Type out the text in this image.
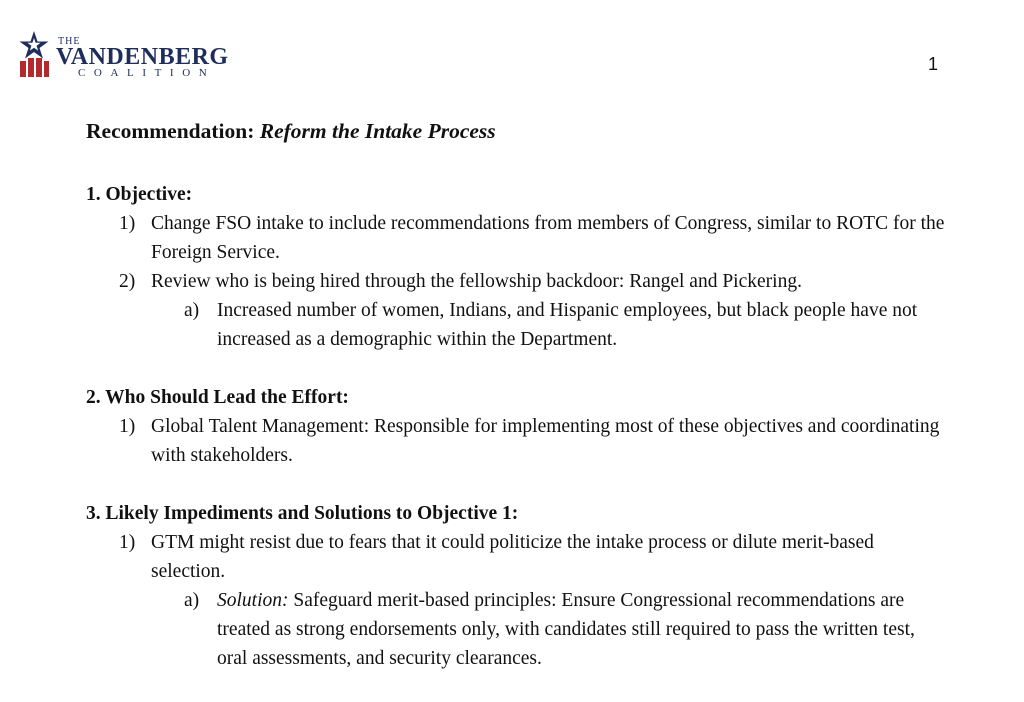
THE
VANDENBERG
COALITION	1
Recommendation: Reform the Intake Process
1. Objective:
1) Change FSO intake to include recommendations from members of Congress, similar to ROTC for the Foreign Service.
2) Review who is being hired through the fellowship backdoor: Rangel and Pickering.
a) Increased number of women, Indians, and Hispanic employees, but black people have not increased as a demographic within the Department.
2. Who Should Lead the Effort:
1) Global Talent Management: Responsible for implementing most of these objectives and coordinating with stakeholders.
3. Likely Impediments and Solutions to Objective 1:
1) GTM might resist due to fears that it could politicize the intake process or dilute merit-based selection.
a) Solution: Safeguard merit-based principles: Ensure Congressional recommendations are treated as strong endorsements only, with candidates still required to pass the written test, oral assessments, and security clearances.
